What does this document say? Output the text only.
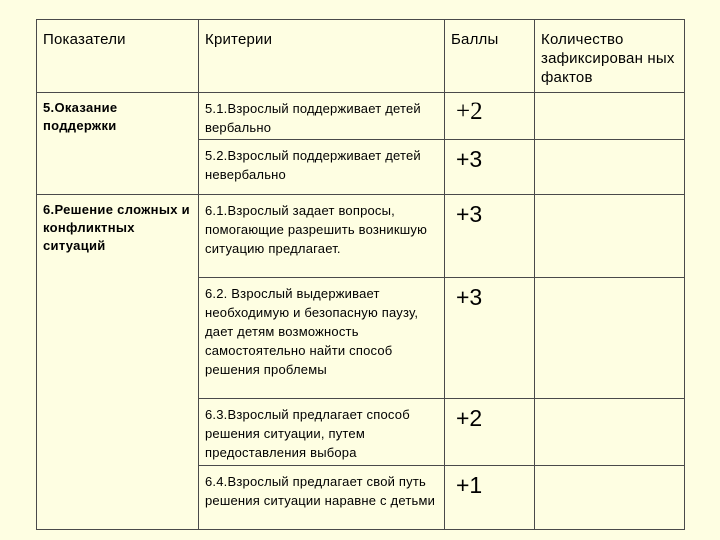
Показатели	Критерии	Баллы	Количество зафиксирован ных фактов

5.Оказание поддержки	5.1.Взрослый поддерживает детей вербально	+2	

	5.2.Взрослый поддерживает детей невербально	+3	

6.Решение сложных и конфликтных ситуаций	6.1.Взрослый задает вопросы, помогающие разрешить возникшую ситуацию предлагает.	+3	

	6.2. Взрослый выдерживает необходимую и безопасную паузу, дает детям возможность самостоятельно найти способ решения проблемы	+3	

	6.3.Взрослый предлагает способ решения ситуации, путем предоставления выбора	+2	

	6.4.Взрослый предлагает свой путь решения ситуации наравне с детьми	+1	
